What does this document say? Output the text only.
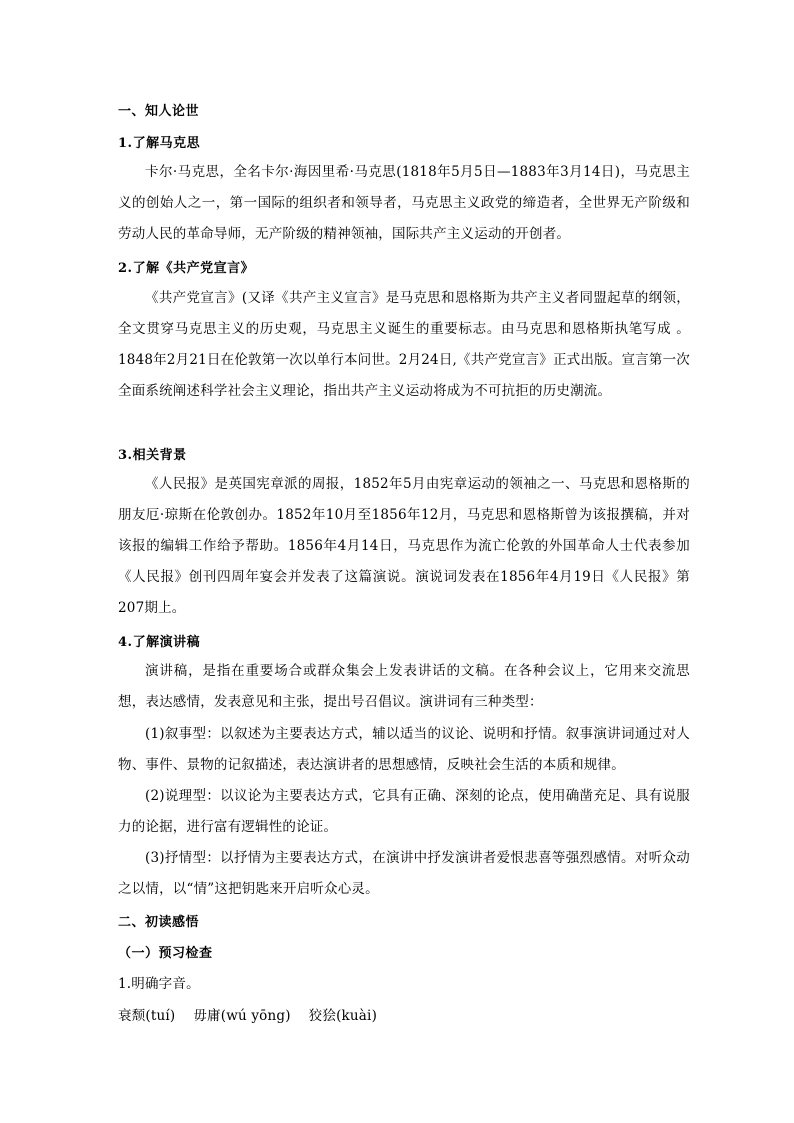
一、知人论世
1.了解马克思

卡尔·马克思，全名卡尔·海因里希·马克思(1818年5月5日—1883年3月14日)，马克思主义的创始人之一，第一国际的组织者和领导者，马克思主义政党的缔造者，全世界无产阶级和劳动人民的革命导师，无产阶级的精神领袖，国际共产主义运动的开创者。

2.了解《共产党宣言》

《共产党宣言》(又译《共产主义宣言》是马克思和恩格斯为共产主义者同盟起草的纲领，全文贯穿马克思主义的历史观，马克思主义诞生的重要标志。由马克思和恩格斯执笔写成 。1848年2月21日在伦敦第一次以单行本问世。2月24日,《共产党宣言》正式出版。宣言第一次全面系统阐述科学社会主义理论，指出共产主义运动将成为不可抗拒的历史潮流。

3.相关背景

《人民报》是英国宪章派的周报，1852年5月由宪章运动的领袖之一、马克思和恩格斯的朋友厄·琼斯在伦敦创办。1852年10月至1856年12月，马克思和恩格斯曾为该报撰稿，并对该报的编辑工作给予帮助。1856年4月14日，马克思作为流亡伦敦的外国革命人士代表参加《人民报》创刊四周年宴会并发表了这篇演说。演说词发表在1856年4月19日《人民报》第207期上。

4.了解演讲稿

演讲稿，是指在重要场合或群众集会上发表讲话的文稿。在各种会议上，它用来交流思想，表达感情，发表意见和主张，提出号召倡议。演讲词有三种类型：

(1)叙事型：以叙述为主要表达方式，辅以适当的议论、说明和抒情。叙事演讲词通过对人物、事件、景物的记叙描述，表达演讲者的思想感情，反映社会生活的本质和规律。

(2)说理型：以议论为主要表达方式，它具有正确、深刻的论点，使用确凿充足、具有说服力的论据，进行富有逻辑性的论证。

(3)抒情型：以抒情为主要表达方式，在演讲中抒发演讲者爱恨悲喜等强烈感情。对听众动之以情，以“情”这把钥匙来开启听众心灵。

二、初读感悟
（一）预习检查

1.明确字音。

衰颓(tuí)    毋庸(wú yōng)    狡狯(kuài)
